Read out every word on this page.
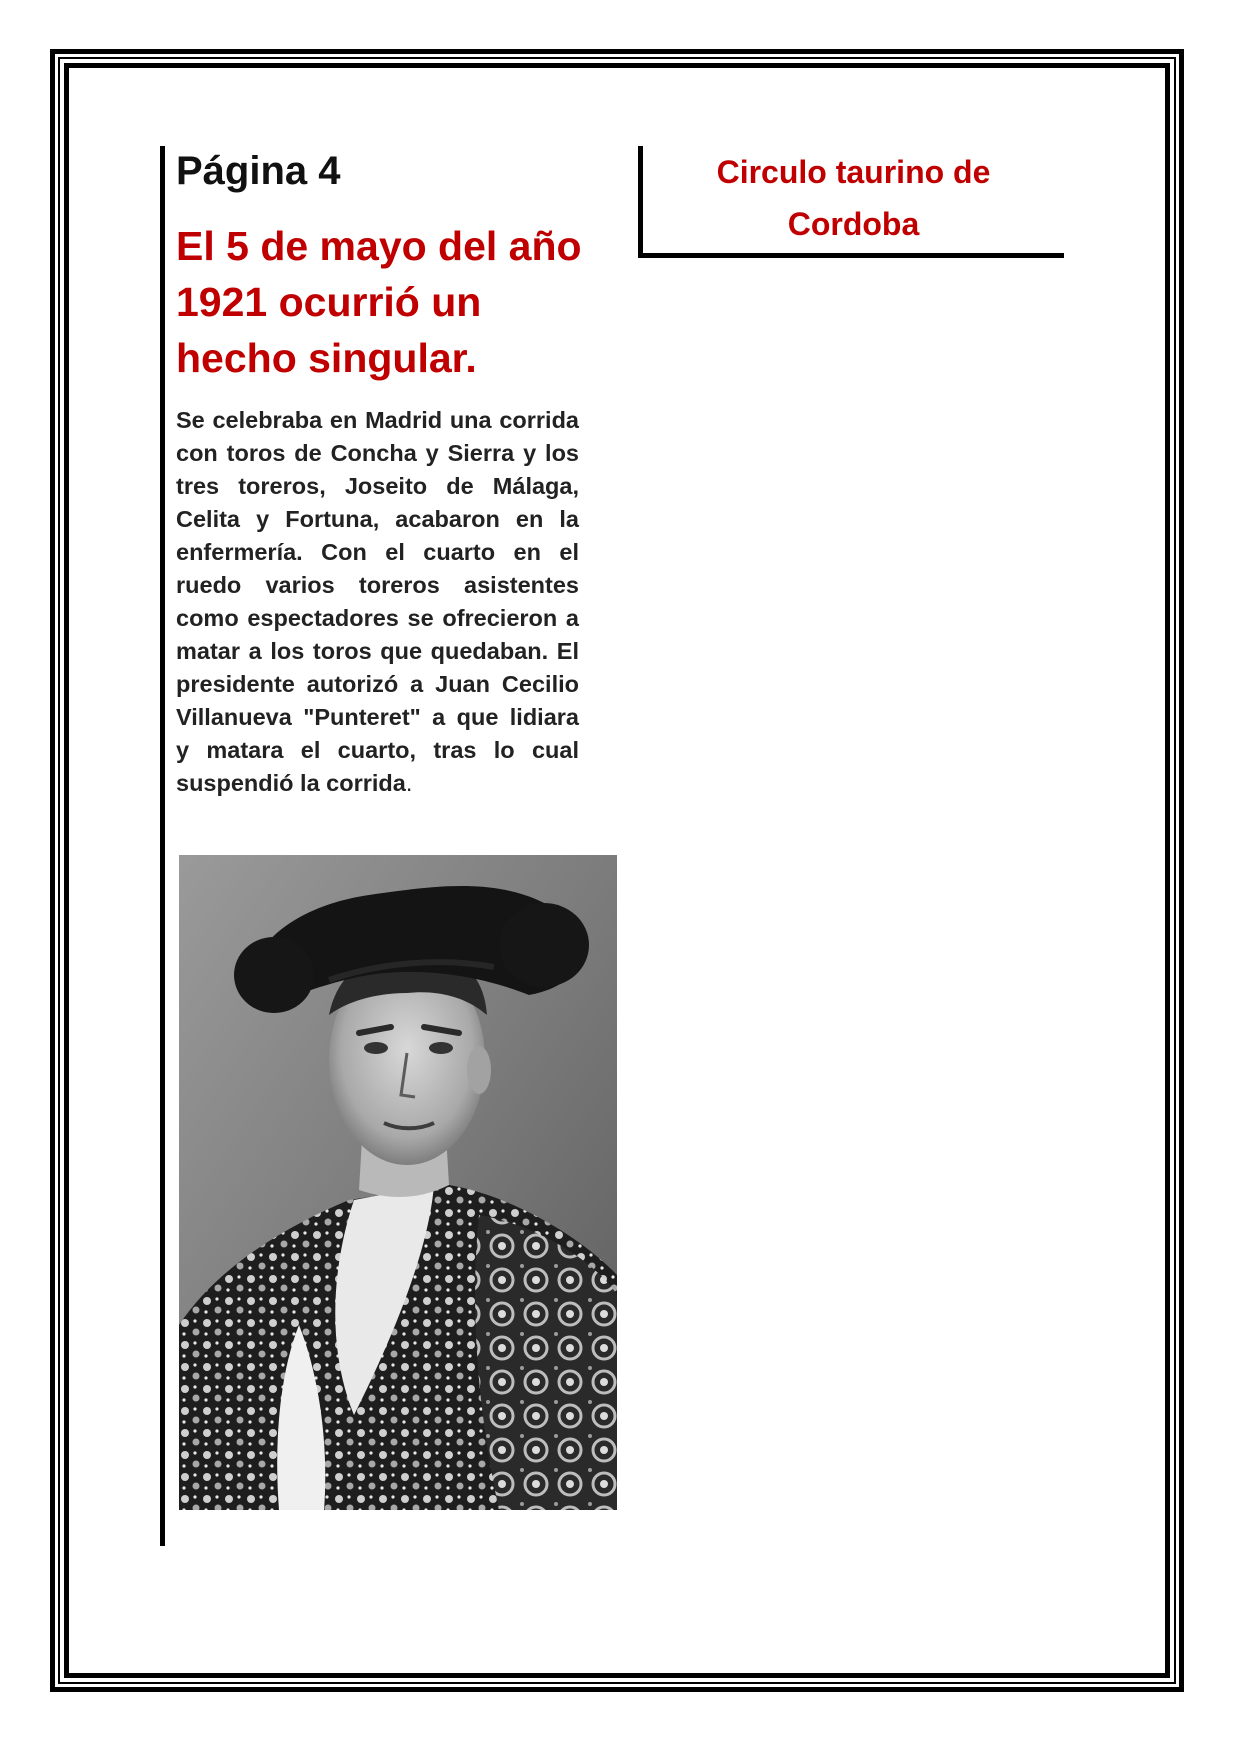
Página 4
El 5 de mayo del año 1921 ocurrió un hecho singular.

Se celebraba en Madrid una corrida con toros de Concha y Sierra y los tres toreros, Joseito de Málaga, Celita y Fortuna, acabaron en la enfermería. Con el cuarto en el ruedo varios toreros asistentes como espectadores se ofrecieron a matar a los toros que quedaban. El presidente autorizó a Juan Cecilio Villanueva "Punteret" a que lidiara y matara el cuarto, tras lo cual suspendió la corrida.

Circulo taurino de
Cordoba
